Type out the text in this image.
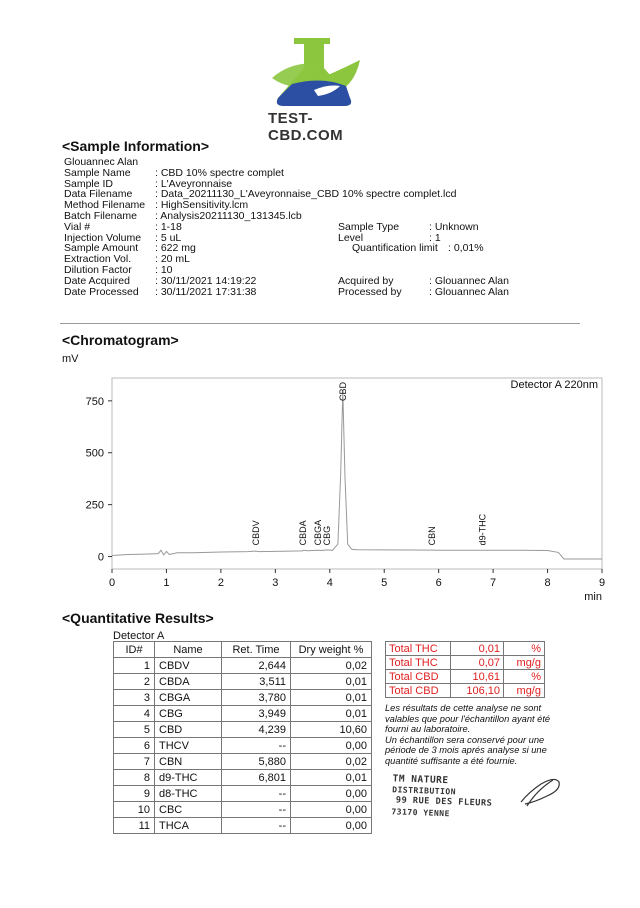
TEST-CBD.COM
<Sample Information>
Glouannec Alan
Sample Name : CBD 10% spectre complet
Sample ID	: L'Aveyronnaise
Data Filename : Data_20211130_L'Aveyronnaise_CBD 10% spectre complet.lcd
Method Filename : HighSensitivity.lcm
Batch Filename : Analysis20211130_131345.lcb
Vial #	: 1-18
Injection Volume : 5 uL
Sample Amount : 622 mg
Extraction Vol. : 20 mL
Dilution Factor : 10
Date Acquired : 30/11/2021 14:19:22
Date Processed : 30/11/2021 17:31:38
Sample Type	: Unknown
Level	: 1
Quantification limit : 0,01%
Acquired by	: Glouannec Alan
Processed by	: Glouannec Alan
<Chromatogram>
mV
Detector A 220nm
0
250
500
750
0	1	2	3	4	5	6	7	8	9
min
CBDV	CBDA CBGA CBG
CBD
CBN	d9-THC
<Quantitative Results>
Detector A
ID#	Name	Ret. Time	Dry weight %
1	CBDV	2,644	0,02
2	CBDA	3,511	0,01
3	CBGA	3,780	0,01
4	CBG	3,949	0,01
5	CBD	4,239	10,60
6	THCV	--	0,00
7	CBN	5,880	0,02
8	d9-THC	6,801	0,01
9	d8-THC	--	0,00
10	CBC	--	0,00
11	THCA	--	0,00
Total THC	0,01	%
Total THC	0,07	mg/g
Total CBD	10,61	%
Total CBD	106,10	mg/g
Les résultats de cette analyse ne sont
valables que pour l'échantillon ayant été
fourni au laboratoire.
Un échantillon sera conservé pour une
période de 3 mois aprés analyse si une
quantité suffisante a été fournie.
TM NATURE
DISTRIBUTION
99 RUE DES FLEURS
73170 YENNE
